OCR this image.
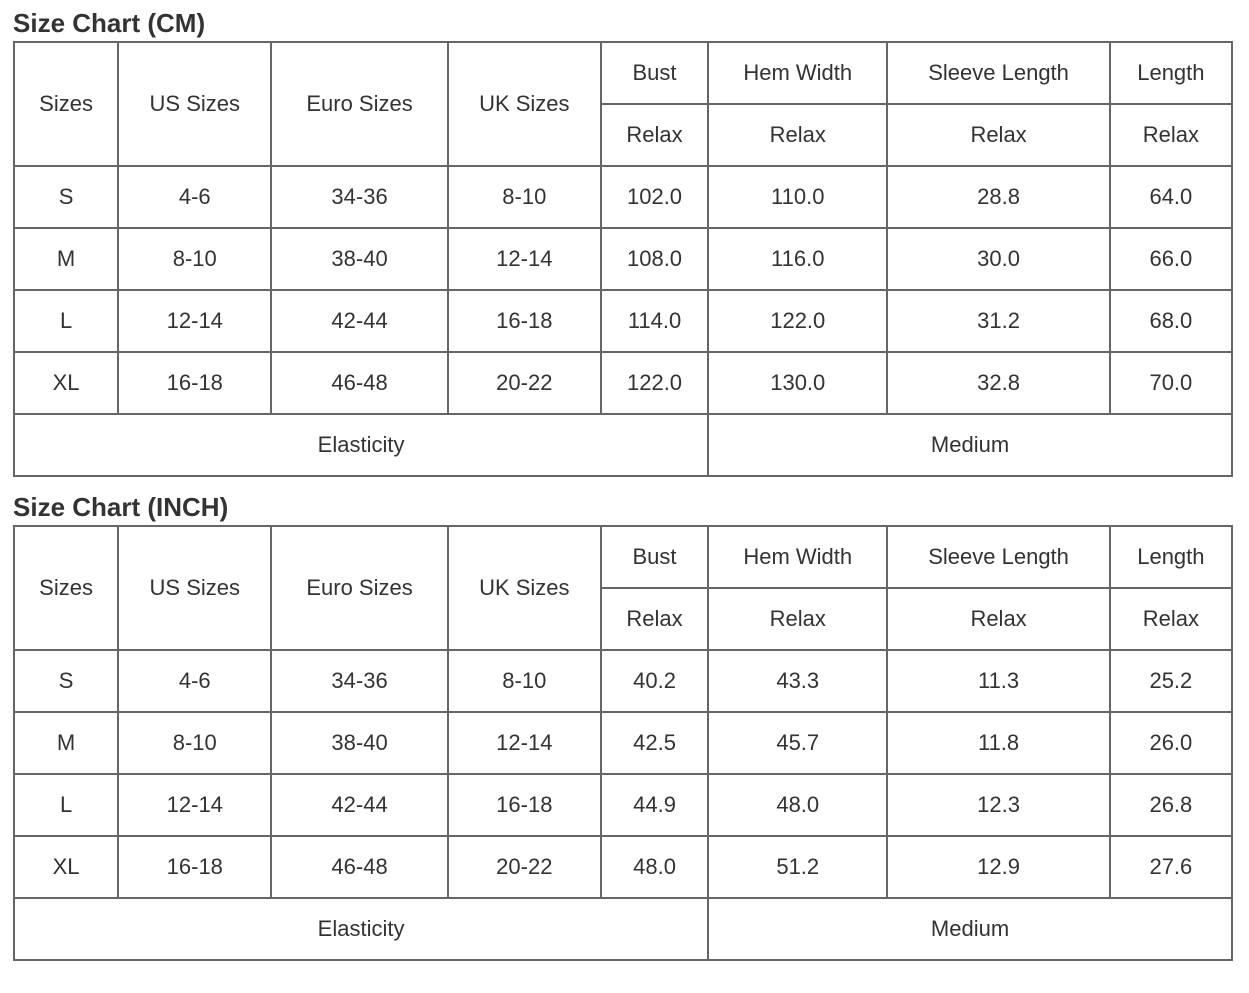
Size Chart (CM)
Sizes	US Sizes	Euro Sizes	UK Sizes	Bust	Hem Width	Sleeve Length	Length
				Relax	Relax	Relax	Relax
S	4-6	34-36	8-10	102.0	110.0	28.8	64.0
M	8-10	38-40	12-14	108.0	116.0	30.0	66.0
L	12-14	42-44	16-18	114.0	122.0	31.2	68.0
XL	16-18	46-48	20-22	122.0	130.0	32.8	70.0
Elasticity					Medium		
Size Chart (INCH)
Sizes	US Sizes	Euro Sizes	UK Sizes	Bust	Hem Width	Sleeve Length	Length
				Relax	Relax	Relax	Relax
S	4-6	34-36	8-10	40.2	43.3	11.3	25.2
M	8-10	38-40	12-14	42.5	45.7	11.8	26.0
L	12-14	42-44	16-18	44.9	48.0	12.3	26.8
XL	16-18	46-48	20-22	48.0	51.2	12.9	27.6
Elasticity					Medium		
